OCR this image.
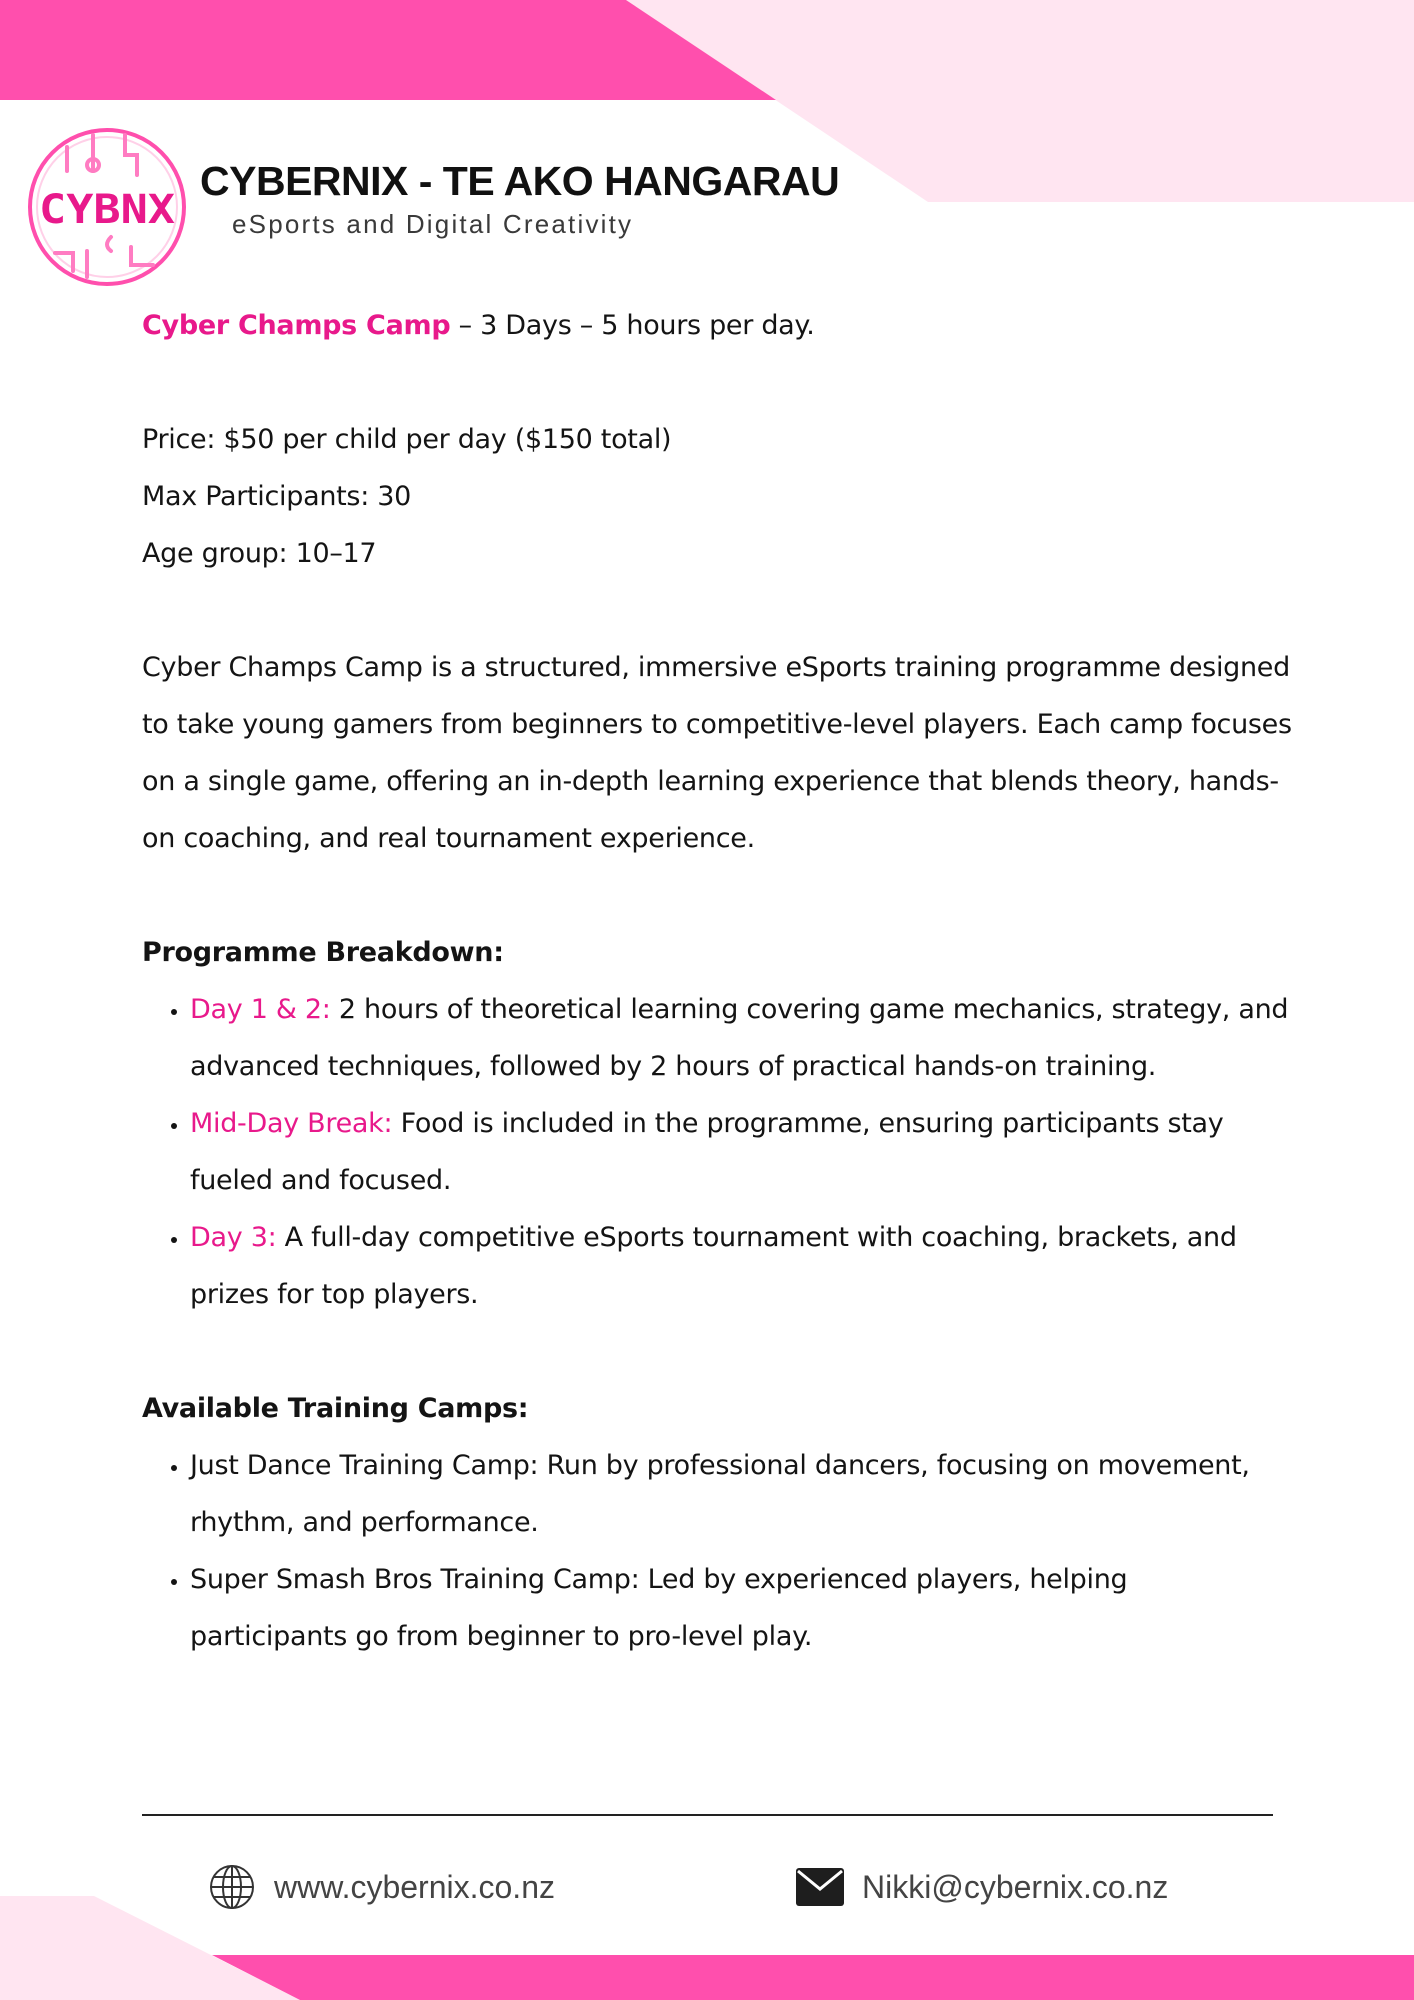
CYBNX
CYBERNIX - TE AKO HANGARAU

eSports and Digital Creativity

Cyber Champs Camp – 3 Days – 5 hours per day.

Price: $50 per child per day ($150 total)

Max Participants: 30

Age group: 10–17

Cyber Champs Camp is a structured, immersive eSports training programme designed to take young gamers from beginners to competitive-level players. Each camp focuses on a single game, offering an in-depth learning experience that blends theory, hands-on coaching, and real tournament experience.

Programme Breakdown:

• Day 1 & 2: 2 hours of theoretical learning covering game mechanics, strategy, and advanced techniques, followed by 2 hours of practical hands-on training.
• Mid-Day Break: Food is included in the programme, ensuring participants stay fueled and focused.
• Day 3: A full-day competitive eSports tournament with coaching, brackets, and prizes for top players.

Available Training Camps:

• Just Dance Training Camp: Run by professional dancers, focusing on movement, rhythm, and performance.
• Super Smash Bros Training Camp: Led by experienced players, helping participants go from beginner to pro-level play.
www.cybernix.co.nz	Nikki@cybernix.co.nz
